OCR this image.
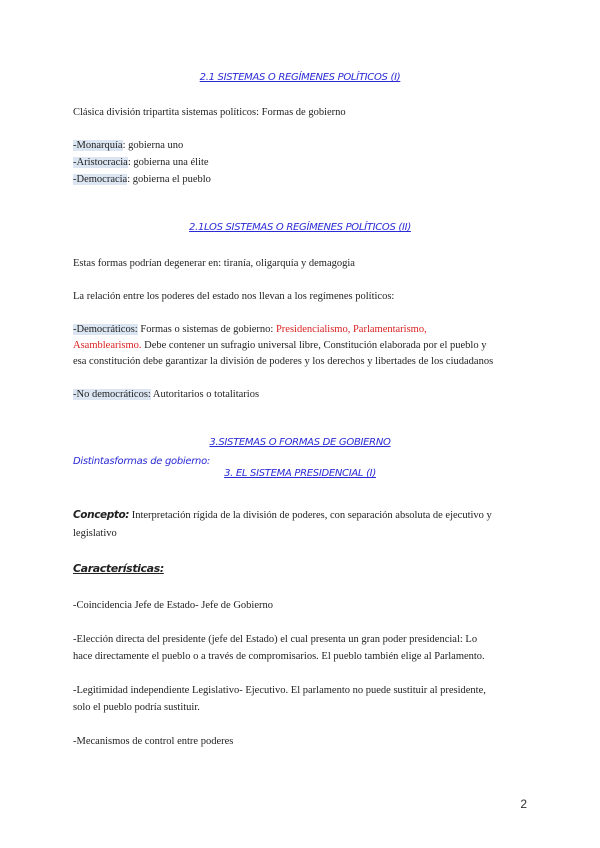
2.1 SISTEMAS O REGÍMENES POLÍTICOS (I)
Clásica división tripartita sistemas políticos: Formas de gobierno
-Monarquía: gobierna uno
-Aristocracia: gobierna una élite
-Democracia: gobierna el pueblo
2.1LOS SISTEMAS O REGÍMENES POLÍTICOS (II)
Estas formas podrían degenerar en: tiranía, oligarquía y demagogia
La relación entre los poderes del estado nos llevan a los regímenes políticos:
-Democráticos: Formas o sistemas de gobierno: Presidencialismo, Parlamentarismo,
Asamblearismo. Debe contener un sufragio universal libre, Constitución elaborada por el pueblo y
esa constitución debe garantizar la división de poderes y los derechos y libertades de los ciudadanos
-No democráticos: Autoritarios o totalitarios
3.SISTEMAS O FORMAS DE GOBIERNO
Distintasformas de gobierno:
3. EL SISTEMA PRESIDENCIAL (I)
Concepto: Interpretación rígida de la división de poderes, con separación absoluta de ejecutivo y
legislativo
Características:
-Coincidencia Jefe de Estado- Jefe de Gobierno
-Elección directa del presidente (jefe del Estado) el cual presenta un gran poder presidencial: Lo
hace directamente el pueblo o a través de compromisarios. El pueblo también elige al Parlamento.
-Legitimidad independiente Legislativo- Ejecutivo. El parlamento no puede sustituir al presidente,
solo el pueblo podría sustituir.
-Mecanismos de control entre poderes
2
